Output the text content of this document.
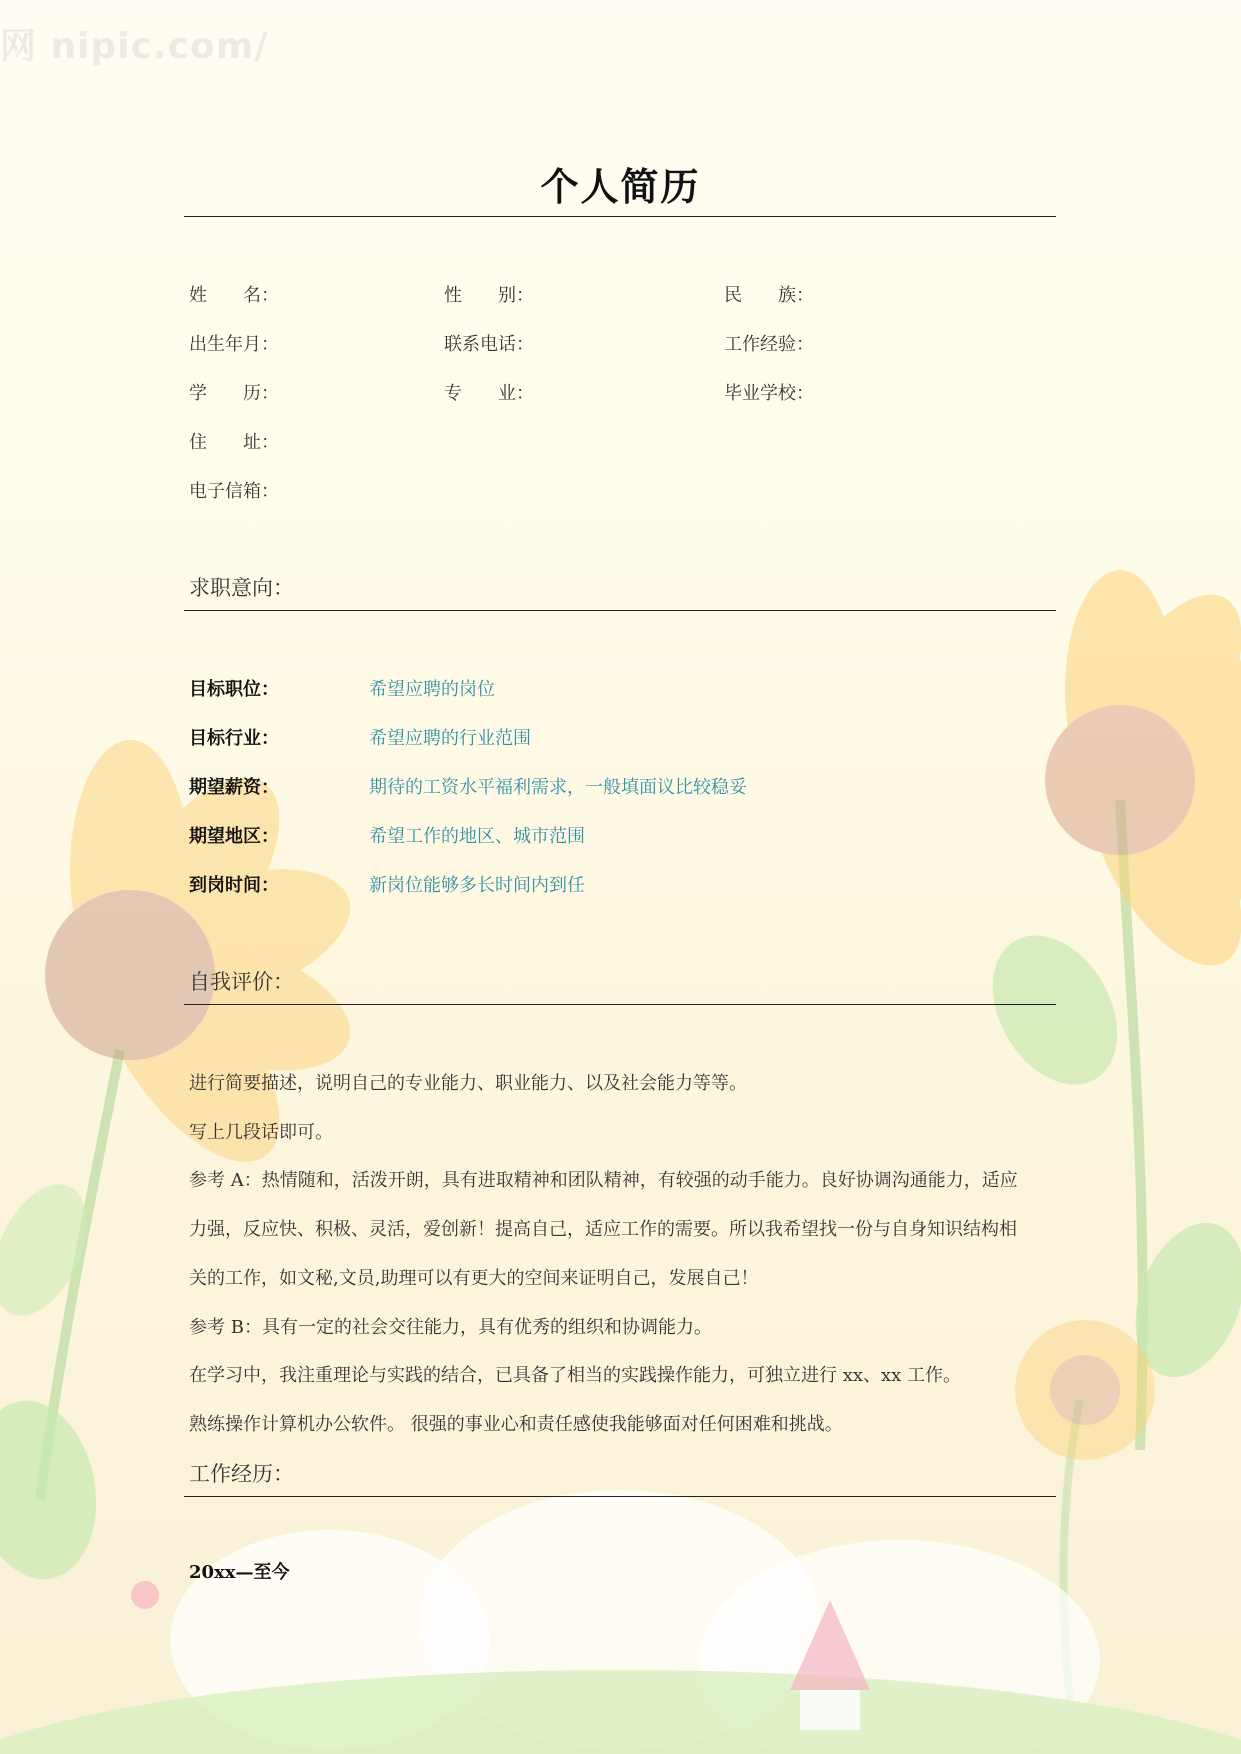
网 nipic.com/
个人简历
姓　　名：	性　　别：	民　　族：
出生年月：	联系电话：	工作经验：
学　　历：	专　　业：	毕业学校：
住　　址：
电子信箱：
求职意向：
目标职位：	希望应聘的岗位
目标行业：	希望应聘的行业范围
期望薪资：	期待的工资水平福利需求，一般填面议比较稳妥
期望地区：	希望工作的地区、城市范围
到岗时间：	新岗位能够多长时间内到任
自我评价：
进行简要描述，说明自己的专业能力、职业能力、以及社会能力等等。
写上几段话即可。
参考 A：热情随和，活泼开朗，具有进取精神和团队精神，有较强的动手能力。良好协调沟通能力，适应
力强，反应快、积极、灵活，爱创新！提高自己，适应工作的需要。所以我希望找一份与自身知识结构相
关的工作，如文秘,文员,助理可以有更大的空间来证明自己，发展自己！
参考 B：具有一定的社会交往能力，具有优秀的组织和协调能力。
在学习中，我注重理论与实践的结合，已具备了相当的实践操作能力，可独立进行 xx、xx 工作。
熟练操作计算机办公软件。 很强的事业心和责任感使我能够面对任何困难和挑战。
工作经历：
20xx—至今
